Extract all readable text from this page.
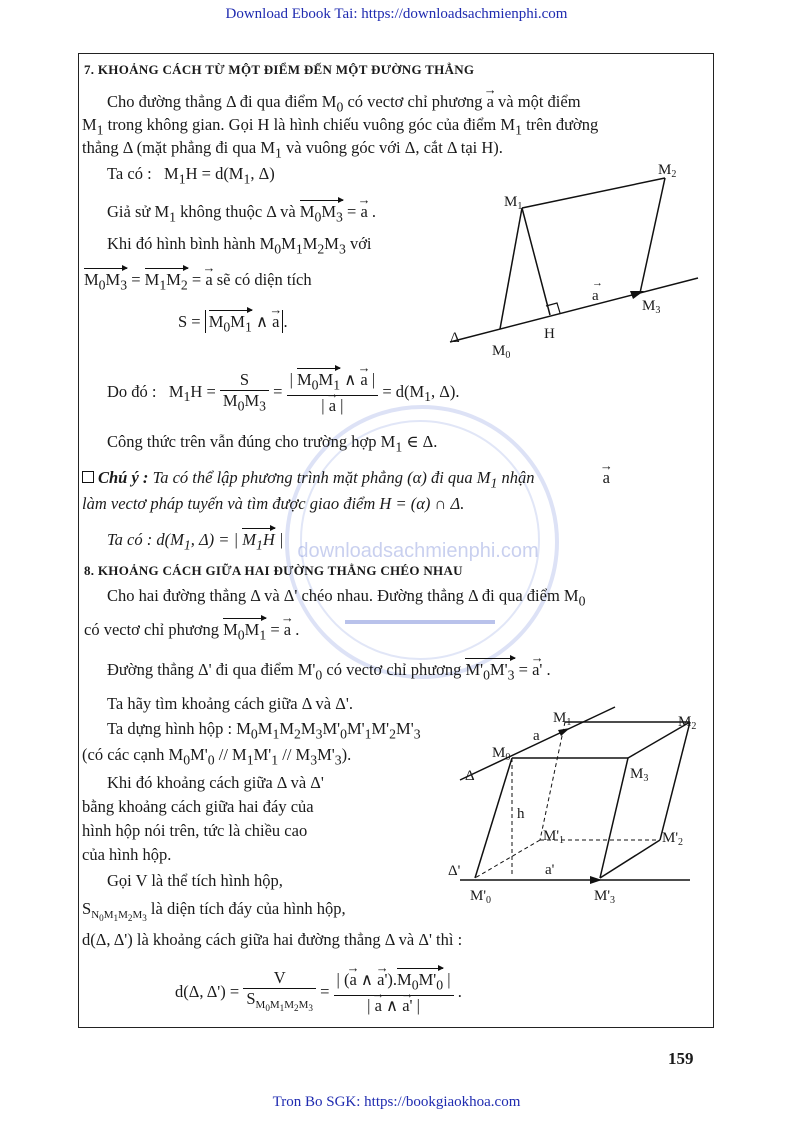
Download Ebook Tai: https://downloadsachmienphi.com
downloadsachmienphi.com
7. KHOẢNG CÁCH TỪ MỘT ĐIỂM ĐẾN MỘT ĐƯỜNG THẲNG
Cho đường thẳng Δ đi qua điểm $M_0$ có vectơ chỉ phương → a và một điểm
$M_1$ trong không gian. Gọi H là hình chiếu vuông góc của điểm $M_1$ trên đường
thẳng Δ (mặt phẳng đi qua $M_1$ và vuông góc với Δ, cắt Δ tại H).
Ta có :   $M_1H = d(M_1$, Δ)
Giả sử $M_1$ không thuộc Δ và $M_0M_3$ = → a .
Khi đó hình bình hành $M_0M_1M_2M_3$ với
$M_0M_3 = M_1M_2$ = → a sẽ có diện tích
$S = M_0M_1$ ∧ → a .
Do đó :   $M_1H = \frac{S}{M_0M_3} = \frac{| M_0M_1 \wedge \to a |}{| \to a |} = d(M_1$, Δ).
Công thức trên vẫn đúng cho trường hợp $M_1$ ∈ Δ.
Chú ý : Ta có thể lập phương trình mặt phẳng (α) đi qua $M_1$ nhận	→ a
làm vectơ pháp tuyến và tìm được giao điểm H = (α) ∩ Δ.
Ta có : $d(M_1$, Δ) = | $M_1H$ |
$M_2$
$M_1$
$M_3$
a
→
H
Δ
$M_0$
8. KHOẢNG CÁCH GIỮA HAI ĐƯỜNG THẲNG CHÉO NHAU
Cho hai đường thẳng Δ và Δ' chéo nhau. Đường thẳng Δ đi qua điểm $M_0$
có vectơ chỉ phương $M_0M_1$ = → a .
Đường thẳng Δ' đi qua điểm $M'_0$ có vectơ chỉ phương $M'_0M'_3$ = → a' .
Ta hãy tìm khoảng cách giữa Δ và Δ'.
Ta dựng hình hộp : $M_0M_1M_2M_3M'_0M'_1M'_2M'_3$
(có các cạnh $M_0M'_0 // M_1M'_1 // M_3M'_3$).
Khi đó khoảng cách giữa Δ và Δ'
bằng khoảng cách giữa hai đáy của
hình hộp nói trên, tức là chiều cao
của hình hộp.
Gọi V là thể tích hình hộp,
$S_{N_0M_1M_2M_3}$ là diện tích đáy của hình hộp,
d(Δ, Δ') là khoảng cách giữa hai đường thẳng Δ và Δ' thì :
d(Δ, $\Delta') = \frac{V}{S_{M_0M_1M_2M_3}} = \frac{| (\to a \wedge \to a').M_0M'_0 |}{| \to a \wedge \to a' |}$ .
$M_1$	$M_2$
$M_0$
$M_3$
Δ
h
$M'_1$	$M'_2$
Δ'	a'
$M'_0$	$M'_3$
a
159
Tron Bo SGK: https://bookgiaokhoa.com
